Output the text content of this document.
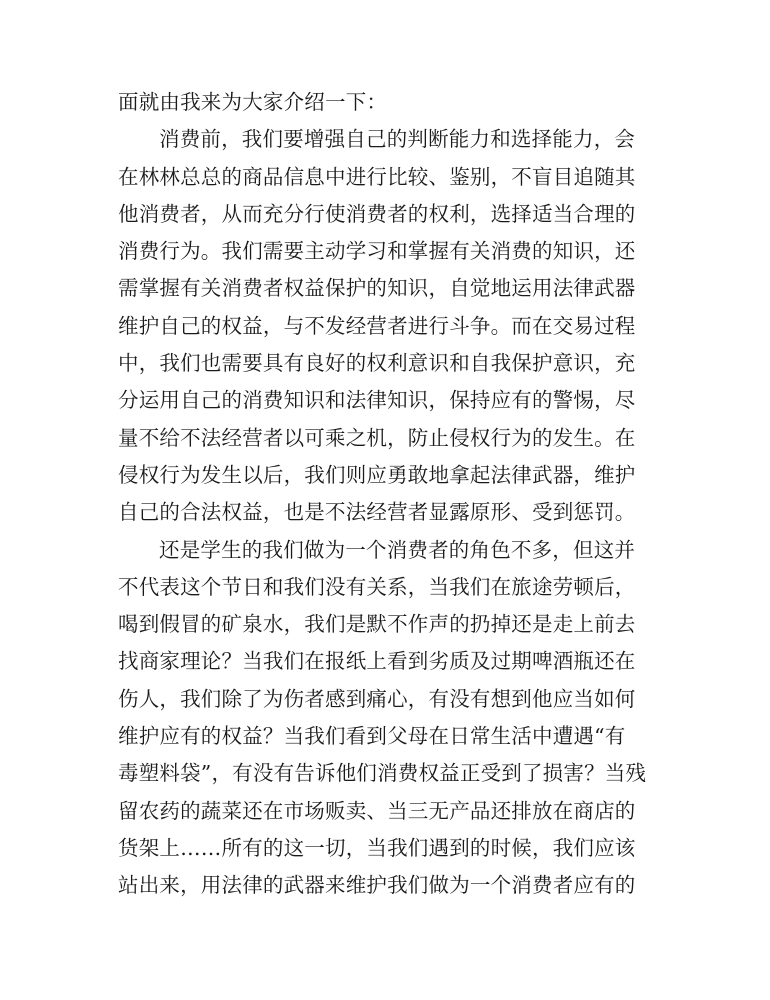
面就由我来为大家介绍一下：
消费前，我们要增强自己的判断能力和选择能力，会
在林林总总的商品信息中进行比较、鉴别，不盲目追随其
他消费者，从而充分行使消费者的权利，选择适当合理的
消费行为。我们需要主动学习和掌握有关消费的知识，还
需掌握有关消费者权益保护的知识，自觉地运用法律武器
维护自己的权益，与不发经营者进行斗争。而在交易过程
中，我们也需要具有良好的权利意识和自我保护意识，充
分运用自己的消费知识和法律知识，保持应有的警惕，尽
量不给不法经营者以可乘之机，防止侵权行为的发生。在
侵权行为发生以后，我们则应勇敢地拿起法律武器，维护
自己的合法权益，也是不法经营者显露原形、受到惩罚。
还是学生的我们做为一个消费者的角色不多，但这并
不代表这个节日和我们没有关系，当我们在旅途劳顿后，
喝到假冒的矿泉水，我们是默不作声的扔掉还是走上前去
找商家理论？当我们在报纸上看到劣质及过期啤酒瓶还在
伤人，我们除了为伤者感到痛心，有没有想到他应当如何
维护应有的权益？当我们看到父母在日常生活中遭遇“有
毒塑料袋”，有没有告诉他们消费权益正受到了损害？当残
留农药的蔬菜还在市场贩卖、当三无产品还排放在商店的
货架上……所有的这一切，当我们遇到的时候，我们应该
站出来，用法律的武器来维护我们做为一个消费者应有的
